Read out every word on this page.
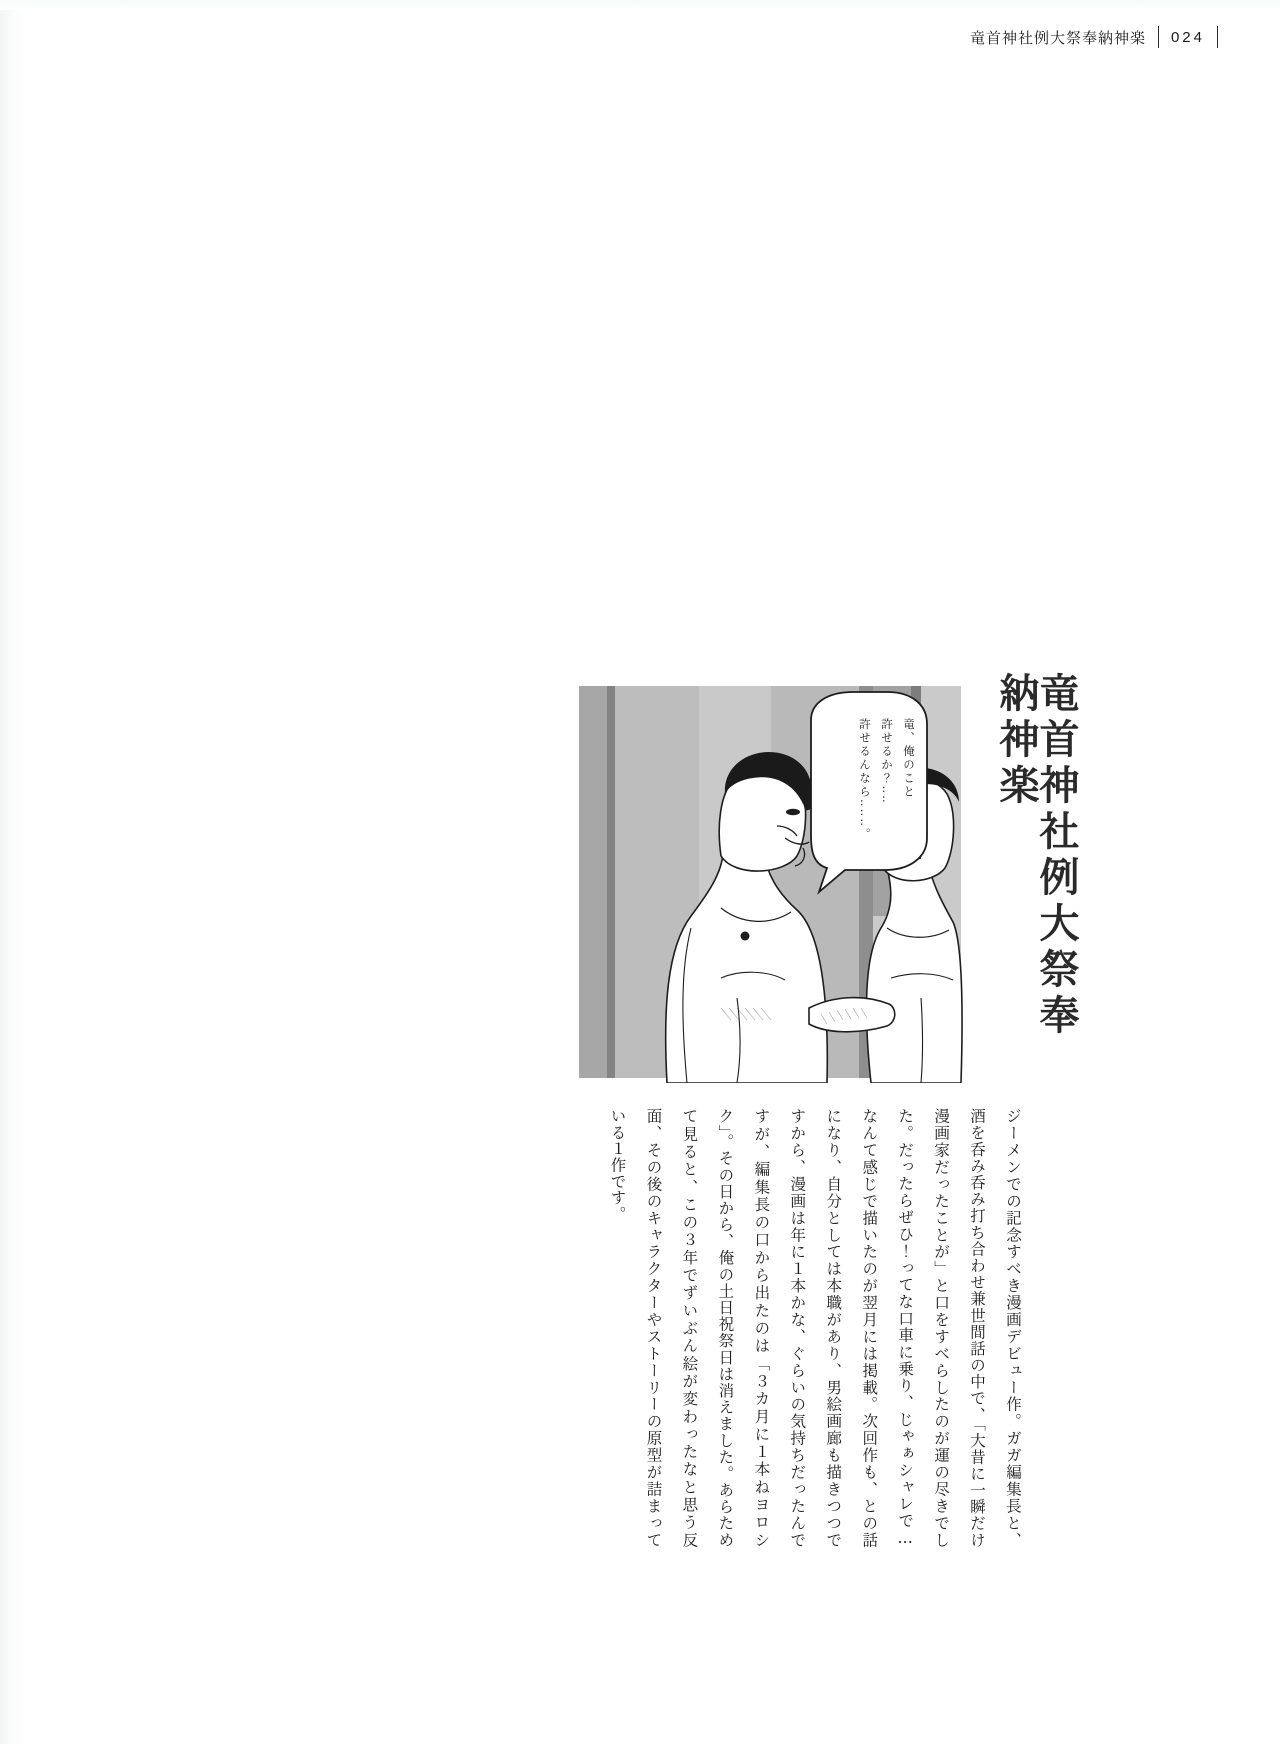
竜首神社例大祭奉納神楽 024
竜、俺のこと
許せるか？‥‥
許せるんなら‥‥‥。	竜首神社例大祭奉納神楽

ジーメンでの記念すべき漫画デビュー作。ガガ編集長と、酒を呑み呑み打ち合わせ兼世間話の中で、「大昔に一瞬だけ漫画家だったことが」と口をすべらしたのが運の尽きでした。だったらぜひ！ってな口車に乗り、じゃぁシャレで…なんて感じで描いたのが翌月には掲載。次回作も、との話になり、自分としては本職があり、男絵画廊も描きつつですから、漫画は年に１本かな、ぐらいの気持ちだったんですが、編集長の口から出たのは「３カ月に１本ねヨロシク」。その日から、俺の土日祝祭日は消えました。あらためて見ると、この３年でずいぶん絵が変わったなと思う反面、その後のキャラクターやストーリーの原型が詰まっている１作です。
